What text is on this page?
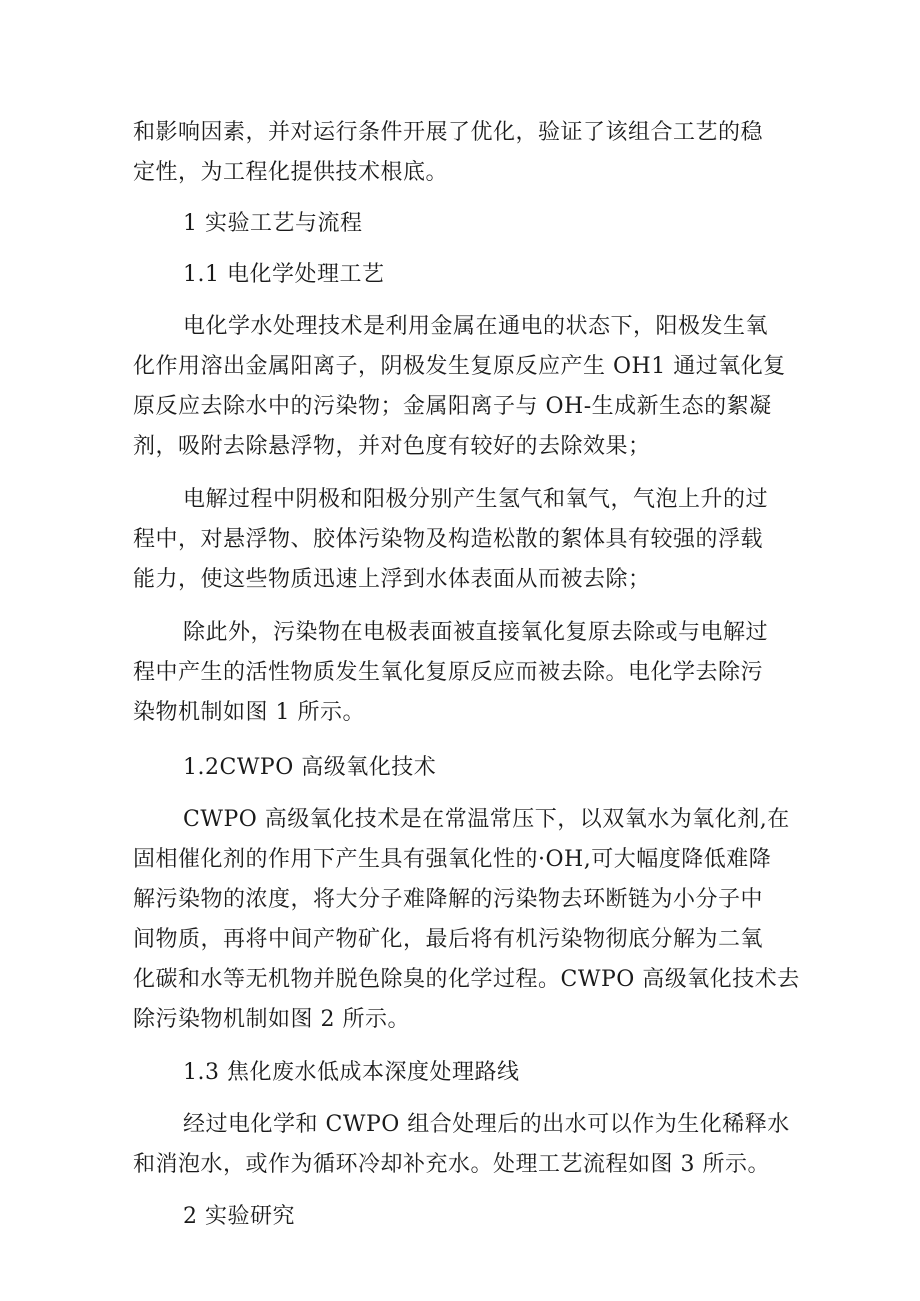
和影响因素，并对运行条件开展了优化，验证了该组合工艺的稳
定性，为工程化提供技术根底。
1 实验工艺与流程
1.1 电化学处理工艺
电化学水处理技术是利用金属在通电的状态下，阳极发生氧
化作用溶出金属阳离子，阴极发生复原反应产生 OH1 通过氧化复
原反应去除水中的污染物；金属阳离子与 OH-生成新生态的絮凝
剂，吸附去除悬浮物，并对色度有较好的去除效果；
电解过程中阴极和阳极分别产生氢气和氧气，气泡上升的过
程中，对悬浮物、胶体污染物及构造松散的絮体具有较强的浮载
能力，使这些物质迅速上浮到水体表面从而被去除；
除此外，污染物在电极表面被直接氧化复原去除或与电解过
程中产生的活性物质发生氧化复原反应而被去除。电化学去除污
染物机制如图 1 所示。
1.2CWPO 高级氧化技术
CWPO 高级氧化技术是在常温常压下，以双氧水为氧化剂,在
固相催化剂的作用下产生具有强氧化性的·OH,可大幅度降低难降
解污染物的浓度，将大分子难降解的污染物去环断链为小分子中
间物质，再将中间产物矿化，最后将有机污染物彻底分解为二氧
化碳和水等无机物并脱色除臭的化学过程。CWPO 高级氧化技术去
除污染物机制如图 2 所示。
1.3 焦化废水低成本深度处理路线
经过电化学和 CWPO 组合处理后的出水可以作为生化稀释水
和消泡水，或作为循环冷却补充水。处理工艺流程如图 3 所示。
2 实验研究
